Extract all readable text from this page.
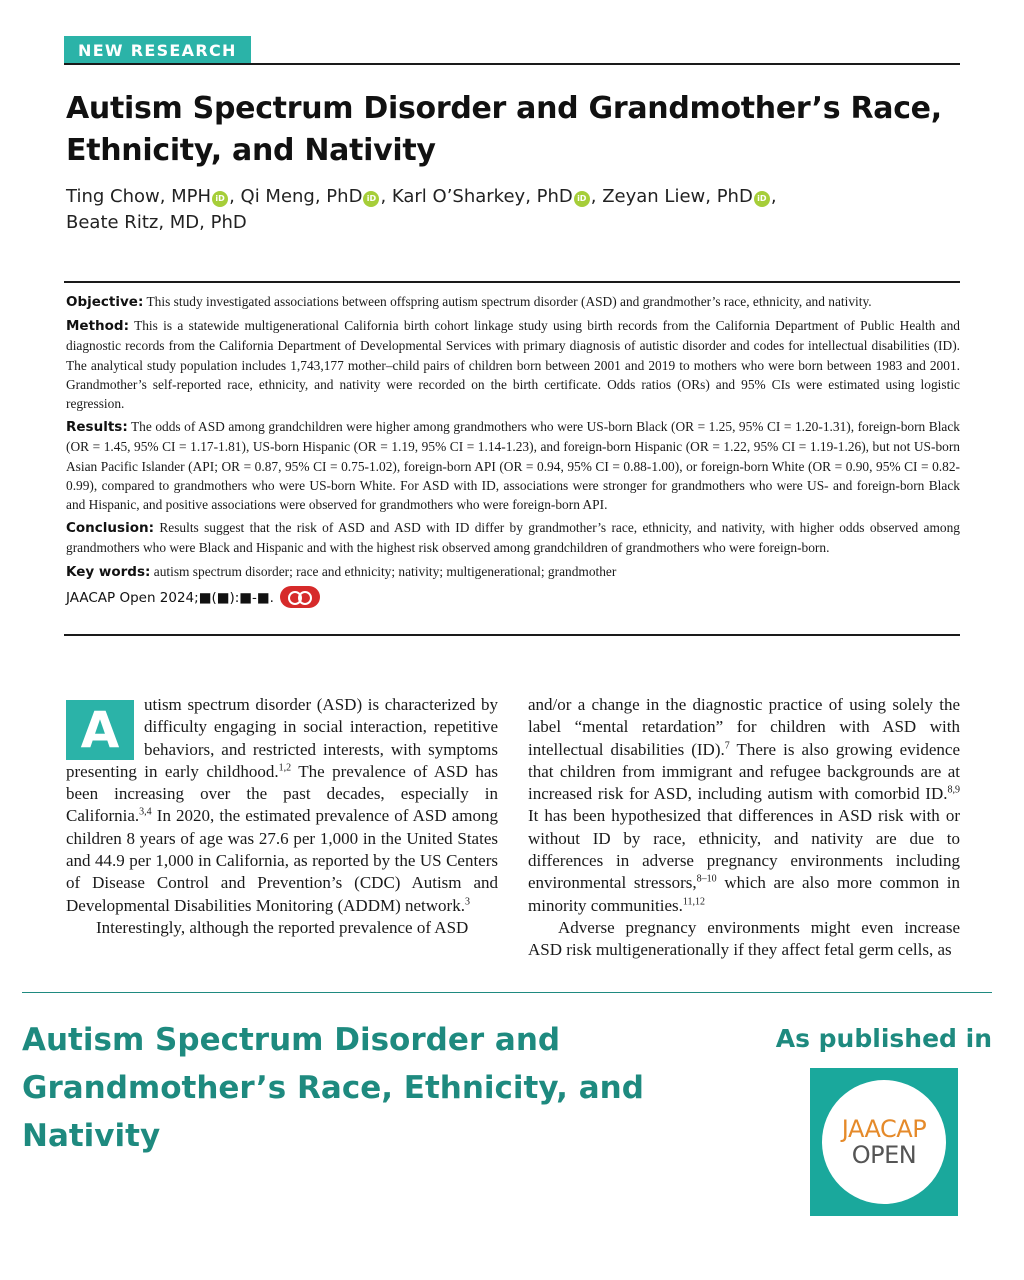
NEW RESEARCH
Autism Spectrum Disorder and Grandmother’s Race, Ethnicity, and Nativity
Ting Chow, MPH iD , Qi Meng, PhD iD , Karl O’Sharkey, PhD iD , Zeyan Liew, PhD iD ,
Beate Ritz, MD, PhD

Objective: This study investigated associations between offspring autism spectrum disorder (ASD) and grandmother’s race, ethnicity, and nativity.

Method: This is a statewide multigenerational California birth cohort linkage study using birth records from the California Department of Public Health and diagnostic records from the California Department of Developmental Services with primary diagnosis of autistic disorder and codes for intellectual disabilities (ID). The analytical study population includes 1,743,177 mother–child pairs of children born between 2001 and 2019 to mothers who were born between 1983 and 2001. Grandmother’s self-reported race, ethnicity, and nativity were recorded on the birth certificate. Odds ratios (ORs) and 95% CIs were estimated using logistic regression.

Results: The odds of ASD among grandchildren were higher among grandmothers who were US-born Black (OR = 1.25, 95% CI = 1.20-1.31), foreign-born Black (OR = 1.45, 95% CI = 1.17-1.81), US-born Hispanic (OR = 1.19, 95% CI = 1.14-1.23), and foreign-born Hispanic (OR = 1.22, 95% CI = 1.19-1.26), but not US-born Asian Pacific Islander (API; OR = 0.87, 95% CI = 0.75-1.02), foreign-born API (OR = 0.94, 95% CI = 0.88-1.00), or foreign-born White (OR = 0.90, 95% CI = 0.82-0.99), compared to grandmothers who were US-born White. For ASD with ID, associations were stronger for grandmothers who were US- and foreign-born Black and Hispanic, and positive associations were observed for grandmothers who were foreign-born API.

Conclusion: Results suggest that the risk of ASD and ASD with ID differ by grandmother’s race, ethnicity, and nativity, with higher odds observed among grandmothers who were Black and Hispanic and with the highest risk observed among grandchildren of grandmothers who were foreign-born.

Key words: autism spectrum disorder; race and ethnicity; nativity; multigenerational; grandmother

JAACAP Open 2024;■(■):■-■.

A	utism spectrum disorder (ASD) is characterized by difficulty engaging in social interaction, repetitive behaviors, and restricted interests, with symptoms presenting in early childhood.$^{1,2}$ The prevalence of ASD has been increasing over the past decades, especially in California.$^{3,4}$ In 2020, the estimated prevalence of ASD among children 8 years of age was 27.6 per 1,000 in the United States and 44.9 per 1,000 in California, as reported by the US Centers of Disease Control and Prevention’s (CDC) Autism and Developmental Disabilities Monitoring (ADDM) network.$^3$

Interestingly, although the reported prevalence of ASD

and/or a change in the diagnostic practice of using solely the label “mental retardation” for children with ASD with intellectual disabilities (ID).$^7$ There is also growing evidence that children from immigrant and refugee backgrounds are at increased risk for ASD, including autism with comorbid ID.$^{8,9}$ It has been hypothesized that differences in ASD risk with or without ID by race, ethnicity, and nativity are due to differences in adverse pregnancy environments including environmental stressors,$^{8-10}$ which are also more common in minority communities.$^{11,12}$

Adverse pregnancy environments might even increase ASD risk multigenerationally if they affect fetal germ cells, as

Autism Spectrum Disorder and Grandmother’s Race, Ethnicity, and Nativity
As published in
JAACAP
OPEN
